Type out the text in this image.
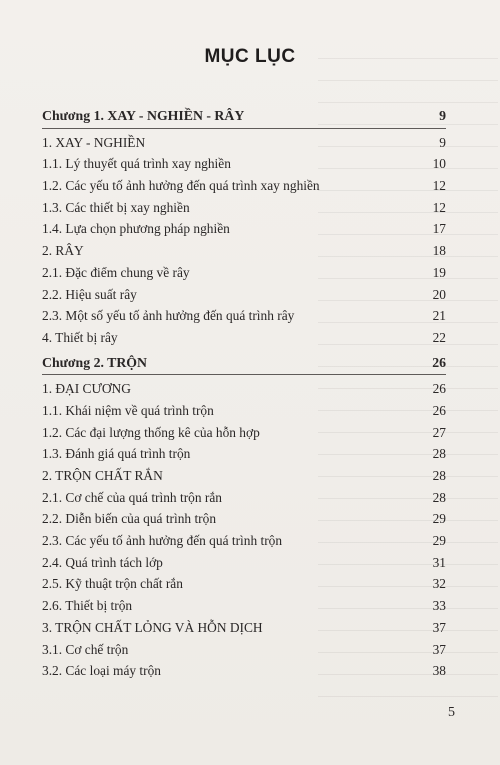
MỤC LỤC
Chương 1. XAY - NGHIỀN - RÂY	9
1. XAY - NGHIỀN	9
1.1. Lý thuyết quá trình xay nghiền	10
1.2. Các yếu tố ảnh hưởng đến quá trình xay nghiền	12
1.3. Các thiết bị xay nghiền	12
1.4. Lựa chọn phương pháp nghiền	17
2. RÂY	18
2.1. Đặc điểm chung về rây	19
2.2. Hiệu suất rây	20
2.3. Một số yếu tố ảnh hưởng đến quá trình rây	21
4. Thiết bị rây	22
Chương 2. TRỘN	26
1. ĐẠI CƯƠNG	26
1.1. Khái niệm về quá trình trộn	26
1.2. Các đại lượng thống kê của hỗn hợp	27
1.3. Đánh giá quá trình trộn	28
2. TRỘN CHẤT RẮN	28
2.1. Cơ chế của quá trình trộn rắn	28
2.2. Diễn biến của quá trình trộn	29
2.3. Các yếu tố ảnh hưởng đến quá trình trộn	29
2.4. Quá trình tách lớp	31
2.5. Kỹ thuật trộn chất rắn	32
2.6. Thiết bị trộn	33
3. TRỘN CHẤT LỎNG VÀ HỖN DỊCH	37
3.1. Cơ chế trộn	37
3.2. Các loại máy trộn	38
5
